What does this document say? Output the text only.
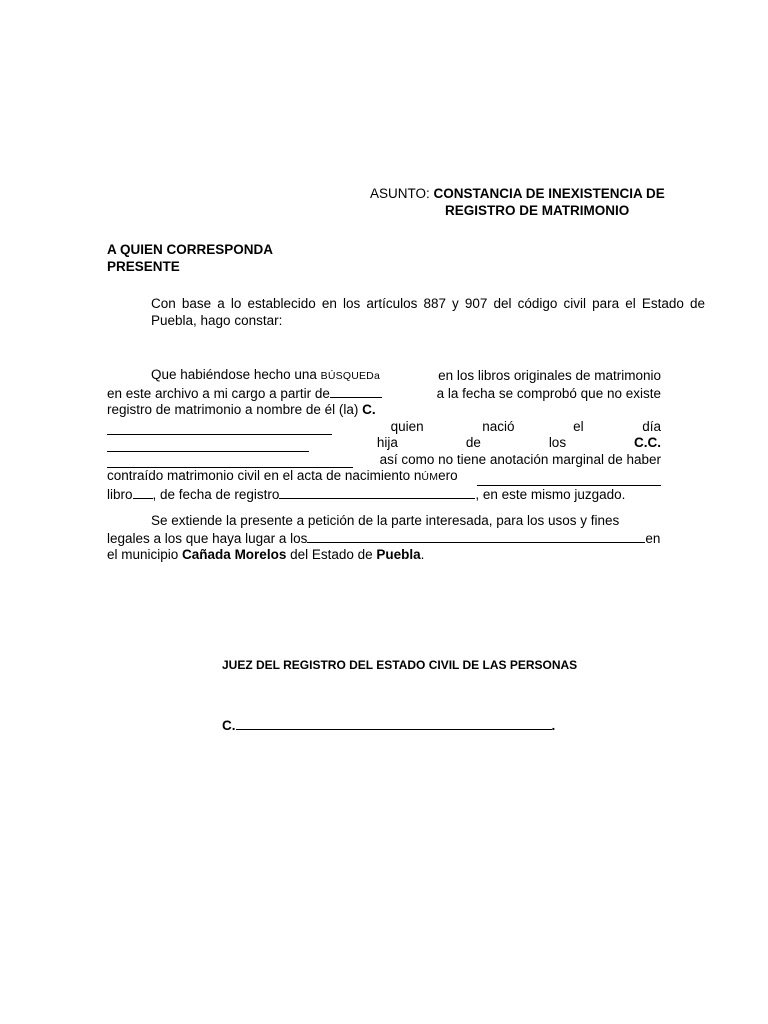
ASUNTO: CONSTANCIA DE INEXISTENCIA DE
REGISTRO DE MATRIMONIO
A QUIEN CORRESPONDA
PRESENTE
Con base a lo establecido en los artículos 887 y 907 del código civil para el Estado de Puebla, hago constar:
Que habiéndose hecho una BÚSQUEDa	en los libros originales de matrimonio
en este archivo a mi cargo a partir de	a la fecha se comprobó que no existe
registro de matrimonio a nombre de él (la) C.
quien	nació	el	día
hija	de	los	C.C.
así como no tiene anotación marginal de haber
contraído matrimonio civil en el acta de nacimiento nÚMero
libro , de fecha de registro	, en este mismo juzgado.
Se extiende la presente a petición de la parte interesada, para los usos y fines
legales a los que haya lugar a los	en
el municipio Cañada Morelos del Estado de Puebla.
JUEZ DEL REGISTRO DEL ESTADO CIVIL DE LAS PERSONAS
C.	.
